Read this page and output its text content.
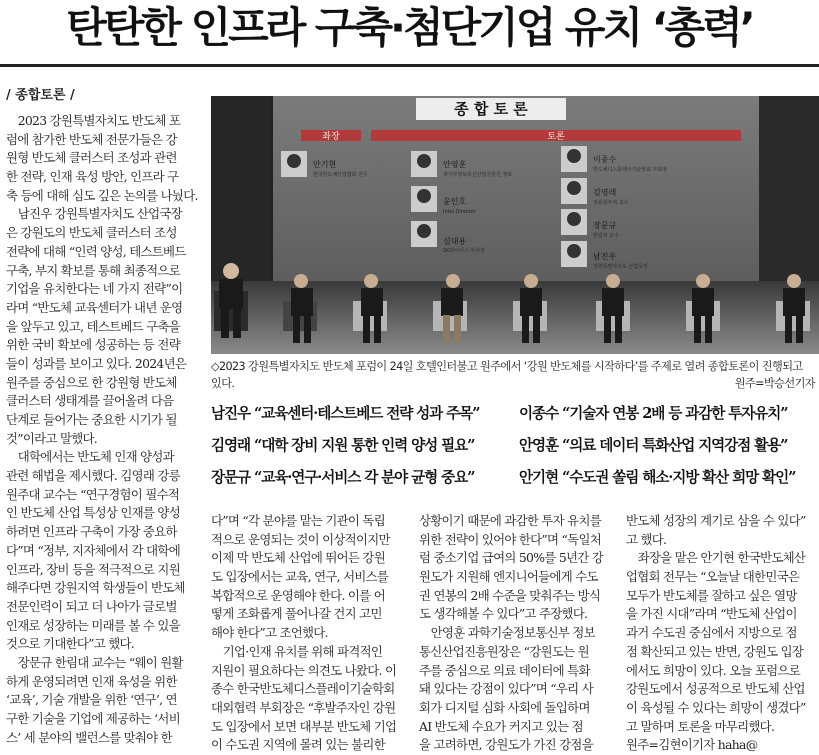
탄탄한 인프라 구축·첨단기업 유치 ‘총력’
/ 종합토론 /
　2023 강원특별자치도 반도체 포
럼에 참가한 반도체 전문가들은 강
원형 반도체 클러스터 조성과 관련
한 전략, 인재 육성 방안, 인프라 구
축 등에 대해 심도 깊은 논의를 나눴다.
　남진우 강원특별자치도 산업국장
은 강원도의 반도체 클러스터 조성
전략에 대해 “인력 양성, 테스트베드
구축, 부지 확보를 통해 최종적으로
기업을 유치한다는 네 가지 전략”이
라며 “반도체 교육센터가 내년 운영
을 앞두고 있고, 테스트베드 구축을
위한 국비 확보에 성공하는 등 전략
들이 성과를 보이고 있다. 2024년은
원주를 중심으로 한 강원형 반도체
클러스터 생태계를 끌어올려 다음
단계로 들어가는 중요한 시기가 될
것”이라고 말했다.
　대학에서는 반도체 인재 양성과
관련 해법을 제시했다. 김영래 강릉
원주대 교수는 “연구경험이 필수적
인 반도체 산업 특성상 인재를 양성
하려면 인프라 구축이 가장 중요하
다”며 “정부, 지자체에서 각 대학에
인프라, 장비 등을 적극적으로 지원
해주다면 강원지역 학생들이 반도체
전문인력이 되고 더 나아가 글로벌
인재로 성장하는 미래를 볼 수 있을
것으로 기대한다”고 했다.
　장문규 한림대 교수는 “웨이 원활
하게 운영되려면 인재 육성을 위한
‘교육’, 기술 개발을 위한 ‘연구’, 연
구한 기술을 기업에 제공하는 ‘서비
스’ 세 분야의 밸런스를 맞춰야 한
종 합 토 론
좌장	토론
안기현
한국반도체산업협회 전무
안영훈
과기부정보통신산업진흥원 정보
윤인호
Intel Director
심대용
SK하이닉스 부사장
이종수
반도체디스플레이기술학회 부회장
김영래
강릉원주대 교수
장문규
한림대 교수
남진우
강원특별자치도 산업국장
◇2023 강원특별자치도 반도체 포럼이 24일 호텔인터불고 원주에서 ‘강원 반도체를 시작하다’를 주제로 열려 종합토론이 진행되고
있다.	원주=박승선기자
남진우 “교육센터·테스트베드 전략 성과 주목”	이종수 “기술자 연봉 2배 등 과감한 투자유치”
김영래 “대학 장비 지원 통한 인력 양성 필요”	안영훈 “의료 데이터 특화산업 지역강점 활용”
장문규 “교육·연구·서비스 각 분야 균형 중요”	안기현 “수도권 쏠림 해소·지방 확산 희망 확인”
다”며 “각 분야를 맡는 기관이 독립
적으로 운영되는 것이 이상적이지만
이제 막 반도체 산업에 뛰어든 강원
도 입장에서는 교육, 연구, 서비스를
복합적으로 운영해야 한다. 이를 어
떻게 조화롭게 풀어나갈 건지 고민
해야 한다”고 조언했다.
　기업·인재 유치를 위해 파격적인
지원이 필요하다는 의견도 나왔다. 이
종수 한국반도체디스플레이기술학회
대외협력 부회장은 “후발주자인 강원
도 입장에서 보면 대부분 반도체 기업
이 수도권 지역에 몰려 있는 불리한
상황이기 때문에 과감한 투자 유치를
위한 전략이 있어야 한다”며 “독일처
럼 중소기업 급여의 50%를 5년간 강
원도가 지원해 엔지니어들에게 수도
권 연봉의 2배 수준을 맞춰주는 방식
도 생각해볼 수 있다”고 주장했다.
　안영훈 과학기술정보통신부 정보
통신산업진흥원장은 “강원도는 원
주를 중심으로 의료 데이터에 특화
돼 있다는 강점이 있다”며 “우리 사
회가 디지털 심화 사회에 돌입하며
AI 반도체 수요가 커지고 있는 점
을 고려하면, 강원도가 가진 강점을
반도체 성장의 계기로 삼을 수 있다”
고 했다.
　좌장을 맡은 안기현 한국반도체산
업협회 전무는 “오늘날 대한민국은
모두가 반도체를 잘하고 싶은 열망
을 가진 시대”라며 “반도체 산업이
과거 수도권 중심에서 지방으로 점
점 확산되고 있는 반면, 강원도 입장
에서도 희망이 있다. 오늘 포럼으로
강원도에서 성공적으로 반도체 산업
이 육성될 수 있다는 희망이 생겼다”
고 말하며 토론을 마무리했다.
원주=김현이기자 haha@
